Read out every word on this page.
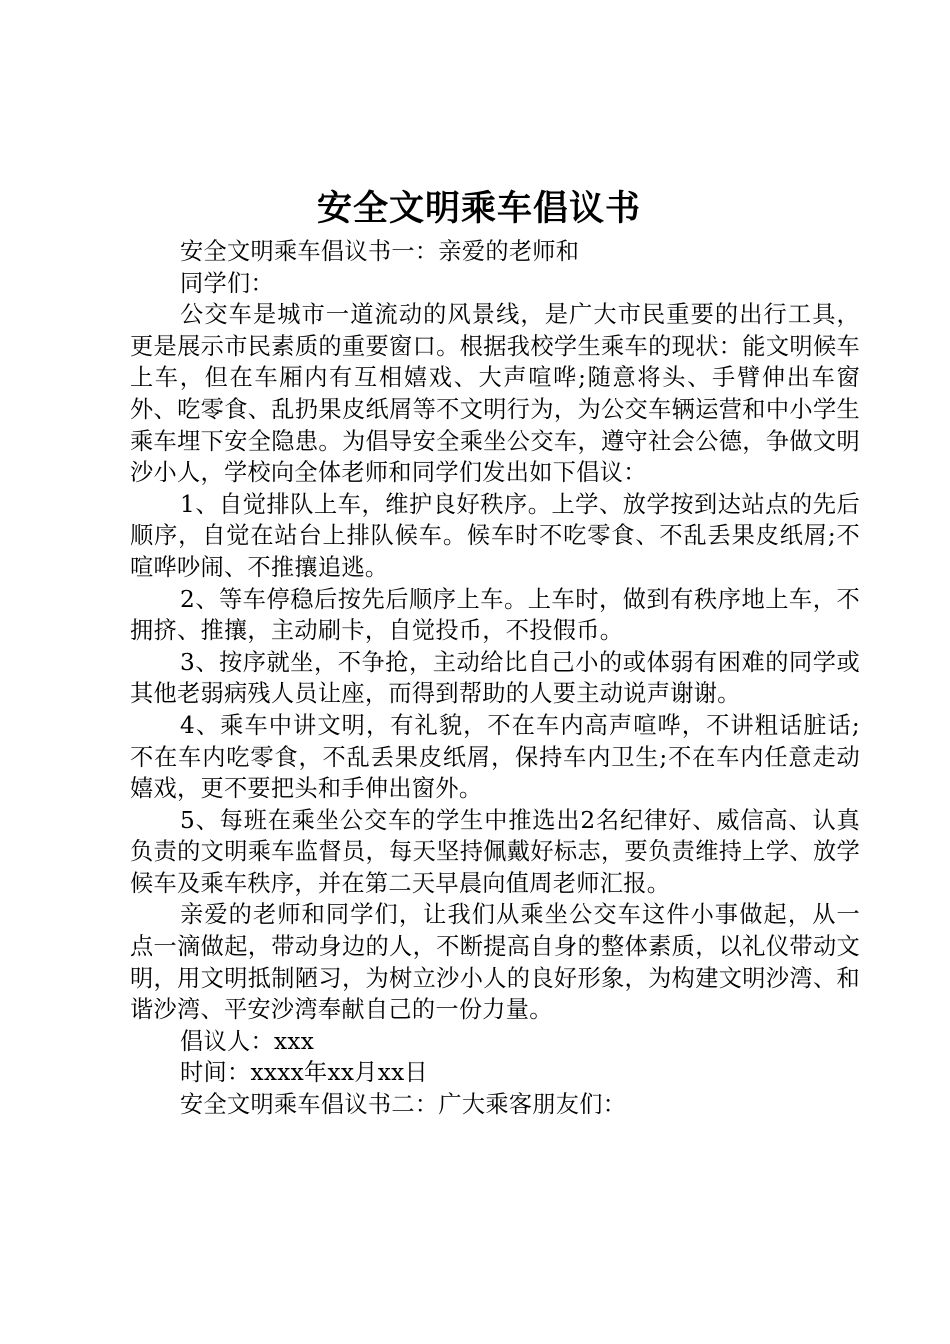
安全文明乘车倡议书

安全文明乘车倡议书一：亲爱的老师和

同学们：

公交车是城市一道流动的风景线，是广大市民重要的出行工具，更是展示市民素质的重要窗口。根据我校学生乘车的现状：能文明候车上车，但在车厢内有互相嬉戏、大声喧哗;随意将头、手臂伸出车窗外、吃零食、乱扔果皮纸屑等不文明行为，为公交车辆运营和中小学生乘车埋下安全隐患。为倡导安全乘坐公交车，遵守社会公德，争做文明沙小人，学校向全体老师和同学们发出如下倡议：

1、自觉排队上车，维护良好秩序。上学、放学按到达站点的先后顺序，自觉在站台上排队候车。候车时不吃零食、不乱丢果皮纸屑;不喧哗吵闹、不推攘追逃。

2、等车停稳后按先后顺序上车。上车时，做到有秩序地上车，不拥挤、推攘，主动刷卡，自觉投币，不投假币。

3、按序就坐，不争抢，主动给比自己小的或体弱有困难的同学或其他老弱病残人员让座，而得到帮助的人要主动说声谢谢。

4、乘车中讲文明，有礼貌，不在车内高声喧哗，不讲粗话脏话;不在车内吃零食，不乱丢果皮纸屑，保持车内卫生;不在车内任意走动嬉戏，更不要把头和手伸出窗外。

5、每班在乘坐公交车的学生中推选出2名纪律好、威信高、认真负责的文明乘车监督员，每天坚持佩戴好标志，要负责维持上学、放学候车及乘车秩序，并在第二天早晨向值周老师汇报。

亲爱的老师和同学们，让我们从乘坐公交车这件小事做起，从一点一滴做起，带动身边的人，不断提高自身的整体素质，以礼仪带动文明，用文明抵制陋习，为树立沙小人的良好形象，为构建文明沙湾、和谐沙湾、平安沙湾奉献自己的一份力量。

倡议人：xxx

时间：xxxx年xx月xx日

安全文明乘车倡议书二：广大乘客朋友们：
